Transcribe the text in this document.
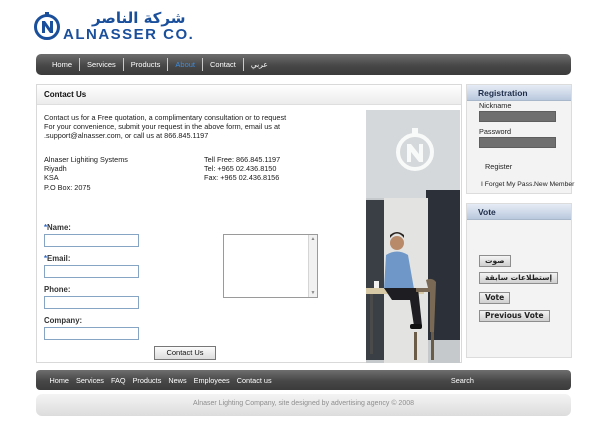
شركة الناصر
ALNASSER CO.
Home	Services	Products	About	Contact	عربي
Contact Us
Contact us for a Free quotation, a complimentary consultation or to request
For your convenience, submit your request in the above form, email us at
.support@alnasser.com, or call us at 866.845.1197
Alnaser Lighiting Systems
Riyadh
KSA
P.O Box: 2075
Tell Free: 866.845.1197
Tel: +965 02.436.8150
Fax: +965 02.436.8156
*Name:
*Email:
Phone:
Company:
▲
▼
Contact Us
Registration
Nickname
Password
Register
I Forget My Pass. New Member
Vote
صوت
إستطلاعات سابقة
Vote
Previous Vote
Home Services FAQ Products News Employees Contact us	Search
Alnaser Lighting Company, site designed by advertising agency © 2008
